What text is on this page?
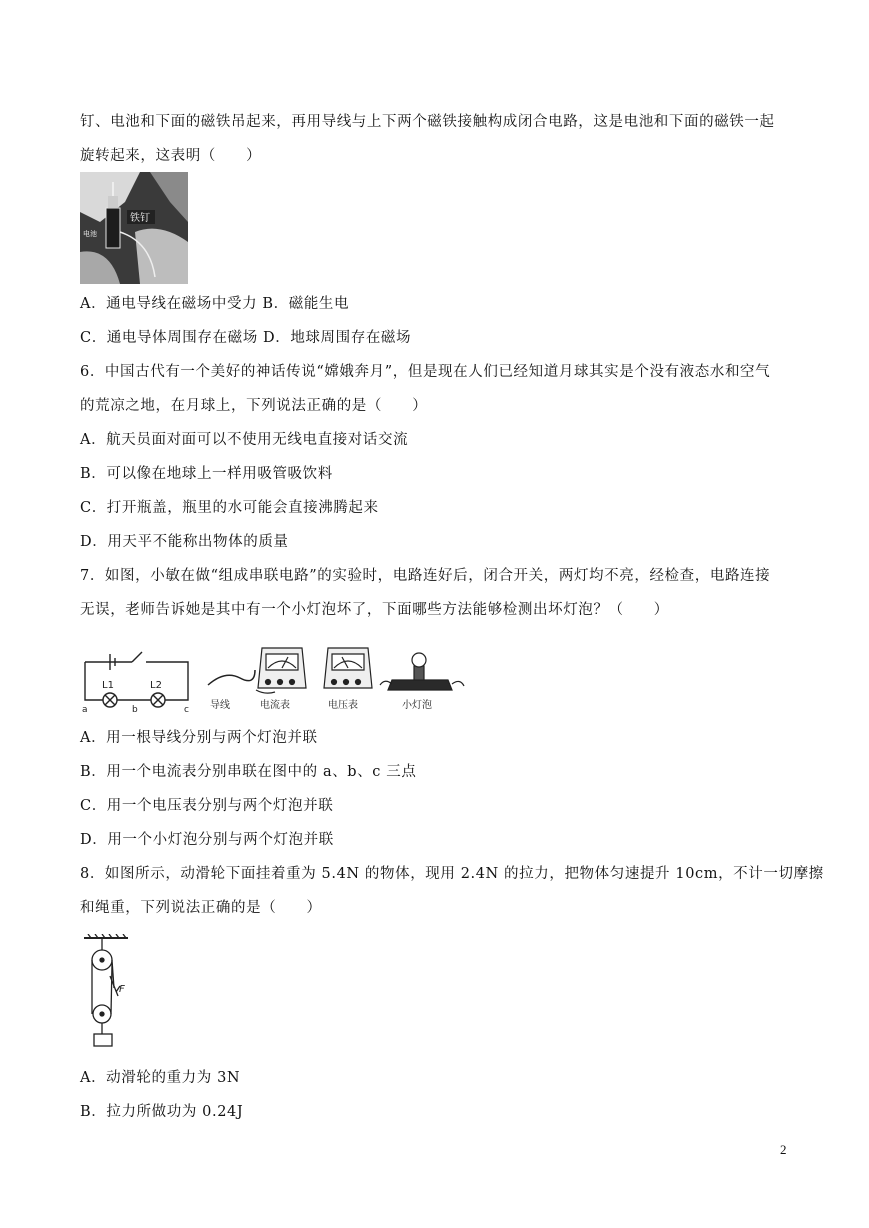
钉、电池和下面的磁铁吊起来，再用导线与上下两个磁铁接触构成闭合电路，这是电池和下面的磁铁一起
旋转起来，这表明（　　）
铁钉
电池
A．通电导线在磁场中受力 B．磁能生电
C．通电导体周围存在磁场 D．地球周围存在磁场
6．中国古代有一个美好的神话传说“嫦娥奔月”，但是现在人们已经知道月球其实是个没有液态水和空气
的荒凉之地，在月球上，下列说法正确的是（　　）
A．航天员面对面可以不使用无线电直接对话交流
B．可以像在地球上一样用吸管吸饮料
C．打开瓶盖，瓶里的水可能会直接沸腾起来
D．用天平不能称出物体的质量
7．如图，小敏在做“组成串联电路”的实验时，电路连好后，闭合开关，两灯均不亮，经检查，电路连接
无误，老师告诉她是其中有一个小灯泡坏了，下面哪些方法能够检测出坏灯泡？（　　）
L1	L2
a	b	c 导线	电流表	电压表	小灯泡
A．用一根导线分别与两个灯泡并联
B．用一个电流表分别串联在图中的 a、b、c 三点
C．用一个电压表分别与两个灯泡并联
D．用一个小灯泡分别与两个灯泡并联
8．如图所示，动滑轮下面挂着重为 5.4N 的物体，现用 2.4N 的拉力，把物体匀速提升 10cm，不计一切摩擦
和绳重，下列说法正确的是（　　）
F
A．动滑轮的重力为 3N
B．拉力所做功为 0.24J
2
